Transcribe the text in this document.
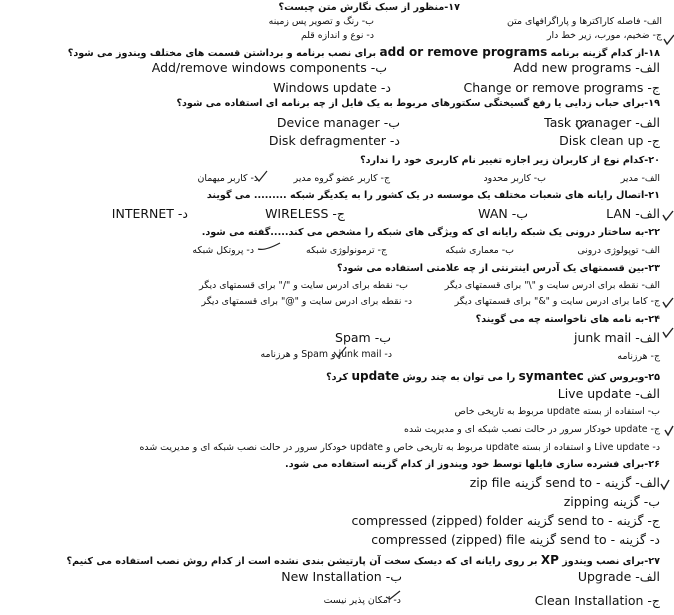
۱۷-منظور از سبک نگارش متن چیست؟
الف- فاصله کاراکترها و پاراگرافهای متن
ب- رنگ و تصویر پس زمینه
ج- ضخیم، مورب، زیر خط دار
د- نوع و اندازه قلم
۱۸-از کدام گزینه برنامه add or remove programs برای نصب برنامه و برداشتن قسمت های مختلف ویندوز می شود؟
الف- Add new programs
ب- Add/remove windows components
ج- Change or remove programs
د- Windows update
۱۹-برای حباب زدایی یا رفع گسیختگی سکتورهای مربوط به یک فایل از چه برنامه ای استفاده می شود؟
الف- Task manager
ب- Device manager
ج- Disk clean up
د- Disk defragmenter
۲۰-کدام نوع از کاربران زیر اجازه تغییر نام کاربری خود را ندارد؟
الف- مدیر
ب- کاربر محدود
ج- کاربر عضو گروه مدیر
د- کاربر میهمان
۲۱-اتصال رایانه های شعبات مختلف یک موسسه در یک کشور را به یکدیگر شبکه ......... می گویند
الف- LAN
ب- WAN
ج- WIRELESS
د- INTERNET
۲۲-به ساختار درونی یک شبکه رایانه ای که ویژگی های شبکه را مشخص می کند.....گفته می شود.
الف- توپولوژی درونی
ب- معماری شبکه
ج- ترمونولوژی شبکه
د- پروتکل شبکه
۲۳-بین قسمتهای یک آدرس اینترنتی از چه علامتی استفاده می شود؟
الف- نقطه برای ادرس سایت و "\" برای قسمتهای دیگر
ب- نقطه برای ادرس سایت و "/" برای قسمتهای دیگر
ج- کاما برای ادرس سایت و "&" برای قسمتهای دیگر
د- نقطه برای ادرس سایت و "@" برای قسمتهای دیگر
۲۴-به نامه های ناخواسته چه می گویند؟
الف- junk mail
ب- Spam
ج- هرزنامه
د- junk mail و Spam و هرزنامه
۲۵-ویروس کش symantec را می توان به چند روش update کرد؟
الف- Live update
ب- استفاده از بسته update مربوط به تاریخی خاص
ج- update خودکار سرور در حالت نصب شبکه ای و مدیریت شده
د- Live update و استفاده از بسته update مربوط به تاریخی خاص و update خودکار سرور در حالت نصب شبکه ای و مدیریت شده
۲۶-برای فشرده سازی فایلها توسط خود ویندوز از کدام گزینه استفاده می شود.
الف- گزینه - send to گزینه zip file
ب- گزینه zipping
ج- گزینه - send to گزینه compressed (zipped) folder
د- گزینه - send to گزینه compressed (zipped) file
۲۷-برای نصب ویندوز XP بر روی رایانه ای که دیسک سخت آن پارتیشن بندی نشده است از کدام روش نصب استفاده می کنیم؟
الف- Upgrade
ب- New Installation
ج- Clean Installation
د- امکان پذیر نیست
